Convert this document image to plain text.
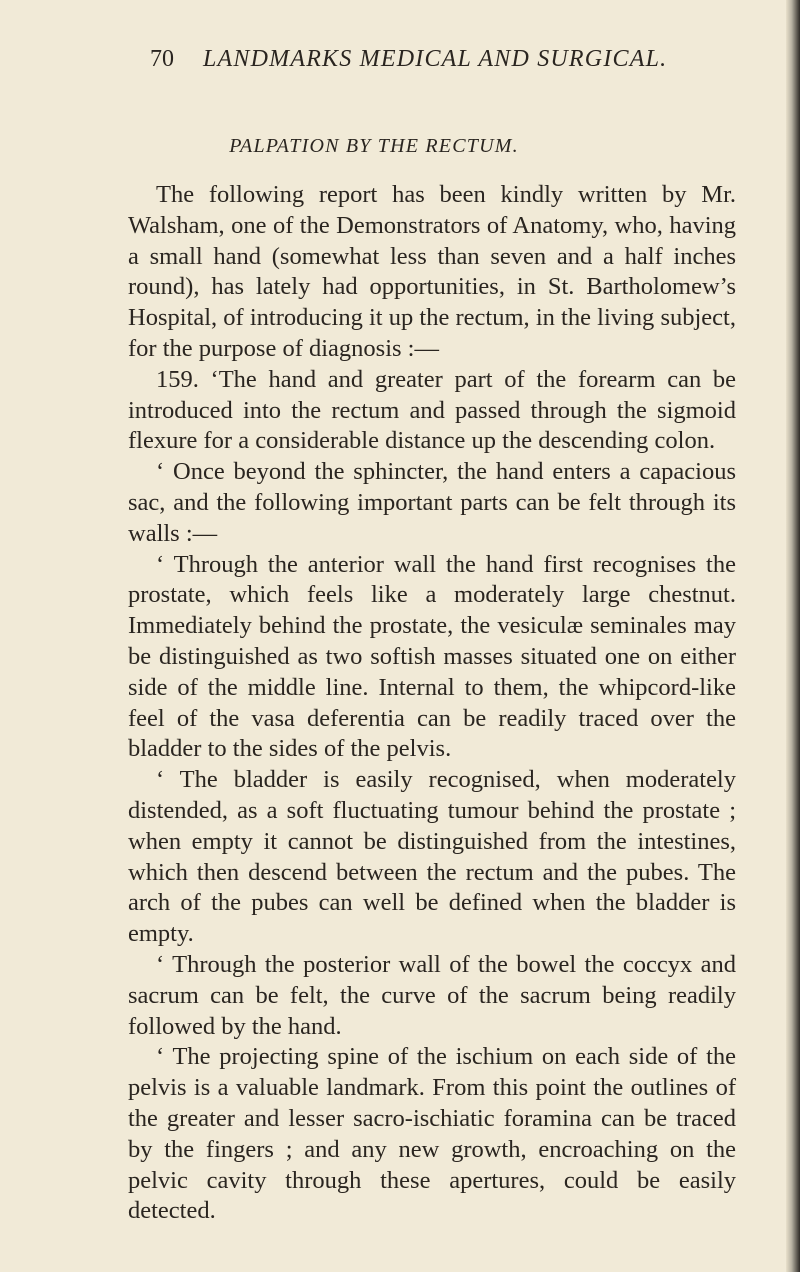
70 LANDMARKS MEDICAL AND SURGICAL.
PALPATION BY THE RECTUM.

The following report has been kindly written by Mr. Walsham, one of the Demonstrators of Anatomy, who, having a small hand (somewhat less than seven and a half inches round), has lately had opportunities, in St. Bartholomew’s Hospital, of introducing it up the rectum, in the living subject, for the purpose of diagnosis :—

159. ‘The hand and greater part of the forearm can be introduced into the rectum and passed through the sigmoid flexure for a considerable distance up the descending colon.

‘ Once beyond the sphincter, the hand enters a capacious sac, and the following important parts can be felt through its walls :—

‘ Through the anterior wall the hand first recognises the prostate, which feels like a moderately large chestnut. Immediately behind the prostate, the vesiculæ seminales may be distinguished as two softish masses situated one on either side of the middle line. Internal to them, the whipcord-like feel of the vasa deferentia can be readily traced over the bladder to the sides of the pelvis.

‘ The bladder is easily recognised, when moderately distended, as a soft fluctuating tumour behind the prostate ; when empty it cannot be distinguished from the intestines, which then descend between the rectum and the pubes. The arch of the pubes can well be defined when the bladder is empty.

‘ Through the posterior wall of the bowel the coccyx and sacrum can be felt, the curve of the sacrum being readily followed by the hand.

‘ The projecting spine of the ischium on each side of the pelvis is a valuable landmark. From this point the outlines of the greater and lesser sacro-ischiatic foramina can be traced by the fingers ; and any new growth, encroaching on the pelvic cavity through these apertures, could be easily detected.
